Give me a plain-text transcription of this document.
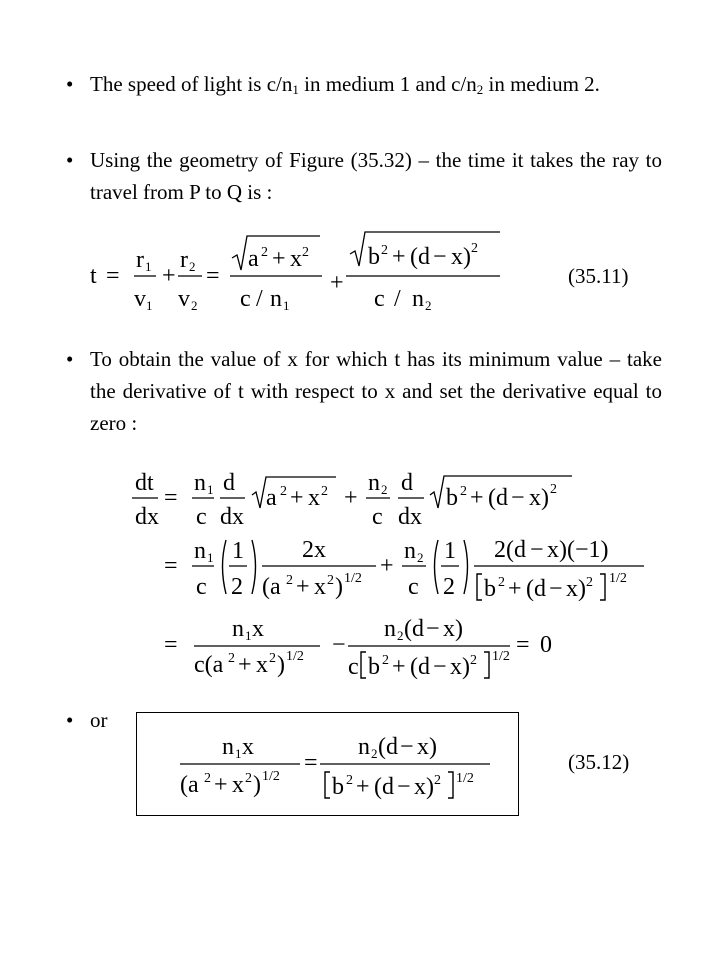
• The speed of light is $c/n_1$ in medium 1 and $c/n_2$ in medium 2.
• Using the geometry of Figure (35.32) – the time it takes the ray to travel from P to Q is :
t =
r 1
v 1
+
r 2
v 2
=
a 2 + x 2
c / n 1
+
b 2 + (d − x) 2
c / n 2
dt
dx
=
n 1
c
d
dx
a 2 + x 2 +
n 2
c
d
dx
b 2 + (d − x) 2
=
n 1
c
1
2
2x
(a 2 + x 2 ) 1/2 +
n 2
c
1
2
2(d − x)(−1)
b 2 + (d − x) 2 1/2
=
n 1 x
c(a 2 + x 2 ) 1/2 −
n 2 (d − x)
c b 2 + (d − x) 2 1/2 = 0
n 1 x
(a 2 + x 2 ) 1/2
=
n 2 (d − x)
b 2 + (d − x) 2 1/2
(35.11)
• To obtain the value of x for which t has its minimum value – take the derivative of t with respect to x and set the derivative equal to zero :
• or
(35.12)
